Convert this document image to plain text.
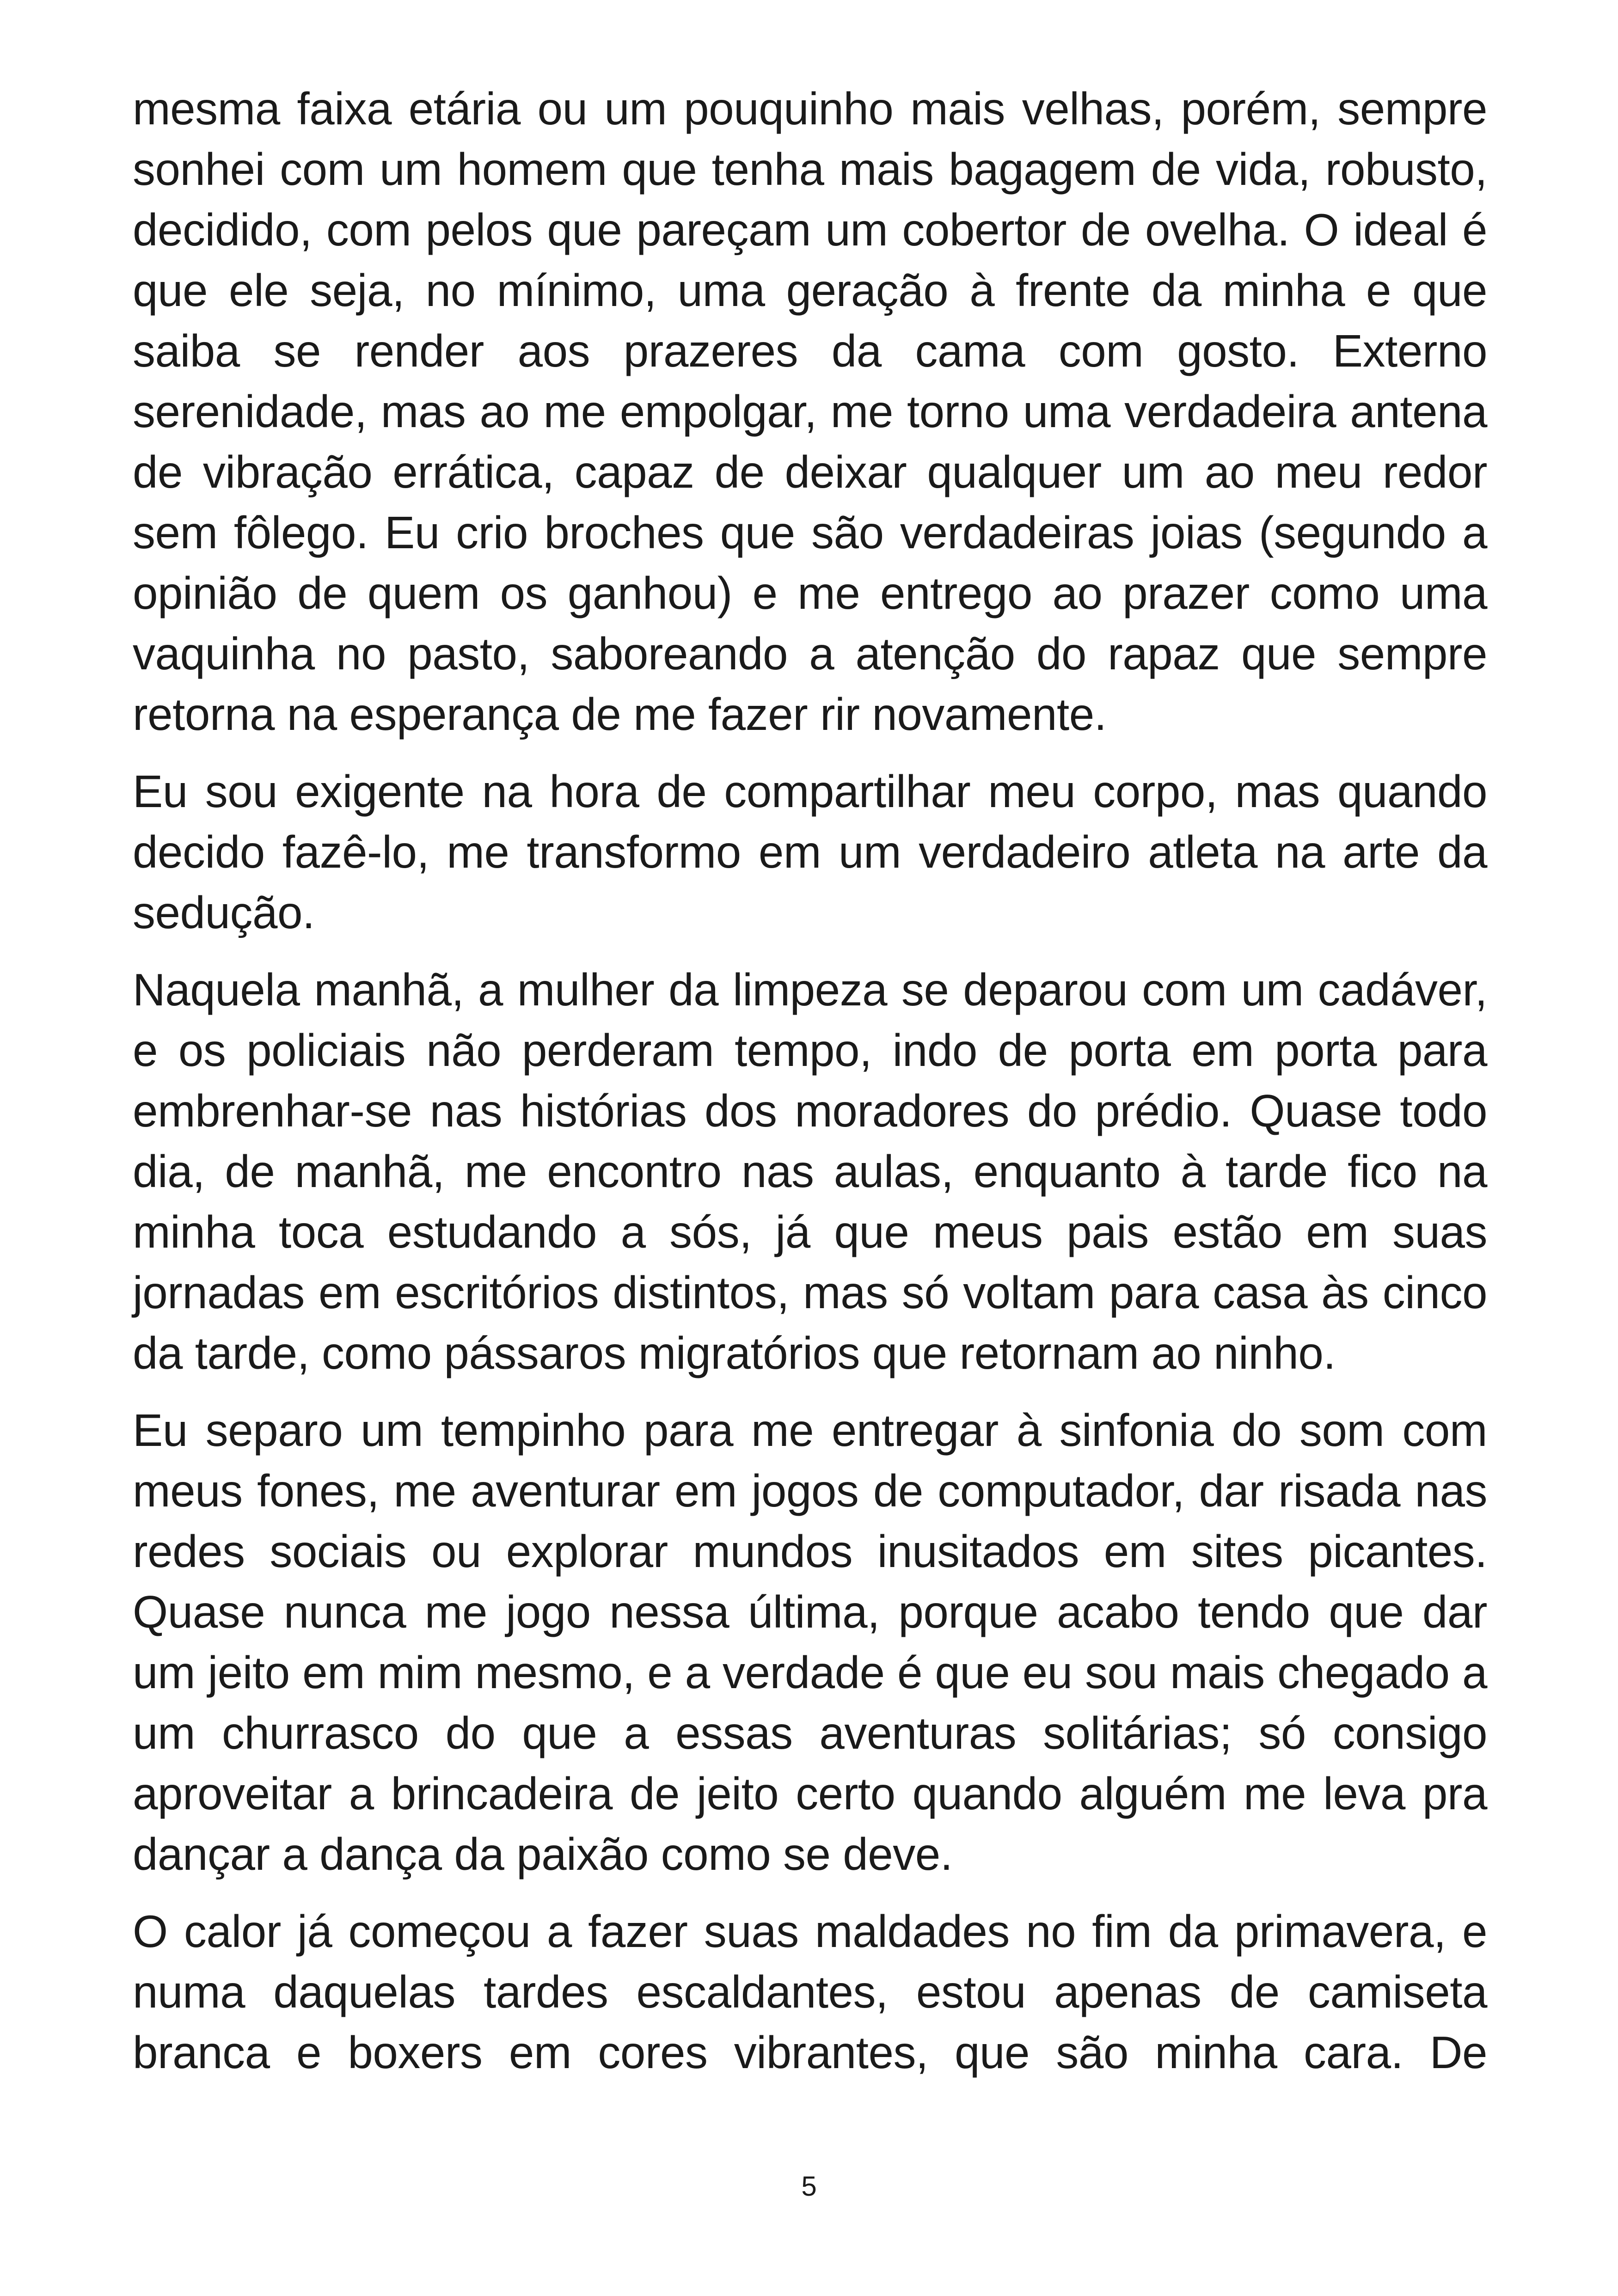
mesma faixa etária ou um pouquinho mais velhas, porém, sempre sonhei com um homem que tenha mais bagagem de vida, robusto, decidido, com pelos que pareçam um cobertor de ovelha. O ideal é que ele seja, no mínimo, uma geração à frente da minha e que saiba se render aos prazeres da cama com gosto. Externo serenidade, mas ao me empolgar, me torno uma verdadeira antena de vibração errática, capaz de deixar qualquer um ao meu redor sem fôlego. Eu crio broches que são verdadeiras joias (segundo a opinião de quem os ganhou) e me entrego ao prazer como uma vaquinha no pasto, saboreando a atenção do rapaz que sempre retorna na esperança de me fazer rir novamente.

Eu sou exigente na hora de compartilhar meu corpo, mas quando decido fazê-lo, me transformo em um verdadeiro atleta na arte da sedução.

Naquela manhã, a mulher da limpeza se deparou com um cadáver, e os policiais não perderam tempo, indo de porta em porta para embrenhar-se nas histórias dos moradores do prédio. Quase todo dia, de manhã, me encontro nas aulas, enquanto à tarde fico na minha toca estudando a sós, já que meus pais estão em suas jornadas em escritórios distintos, mas só voltam para casa às cinco da tarde, como pássaros migratórios que retornam ao ninho.

Eu separo um tempinho para me entregar à sinfonia do som com meus fones, me aventurar em jogos de computador, dar risada nas redes sociais ou explorar mundos inusitados em sites picantes. Quase nunca me jogo nessa última, porque acabo tendo que dar um jeito em mim mesmo, e a verdade é que eu sou mais chegado a um churrasco do que a essas aventuras solitárias; só consigo aproveitar a brincadeira de jeito certo quando alguém me leva pra dançar a dança da paixão como se deve.

O calor já começou a fazer suas maldades no fim da primavera, e numa daquelas tardes escaldantes, estou apenas de camiseta branca e boxers em cores vibrantes, que são minha cara. De

5
